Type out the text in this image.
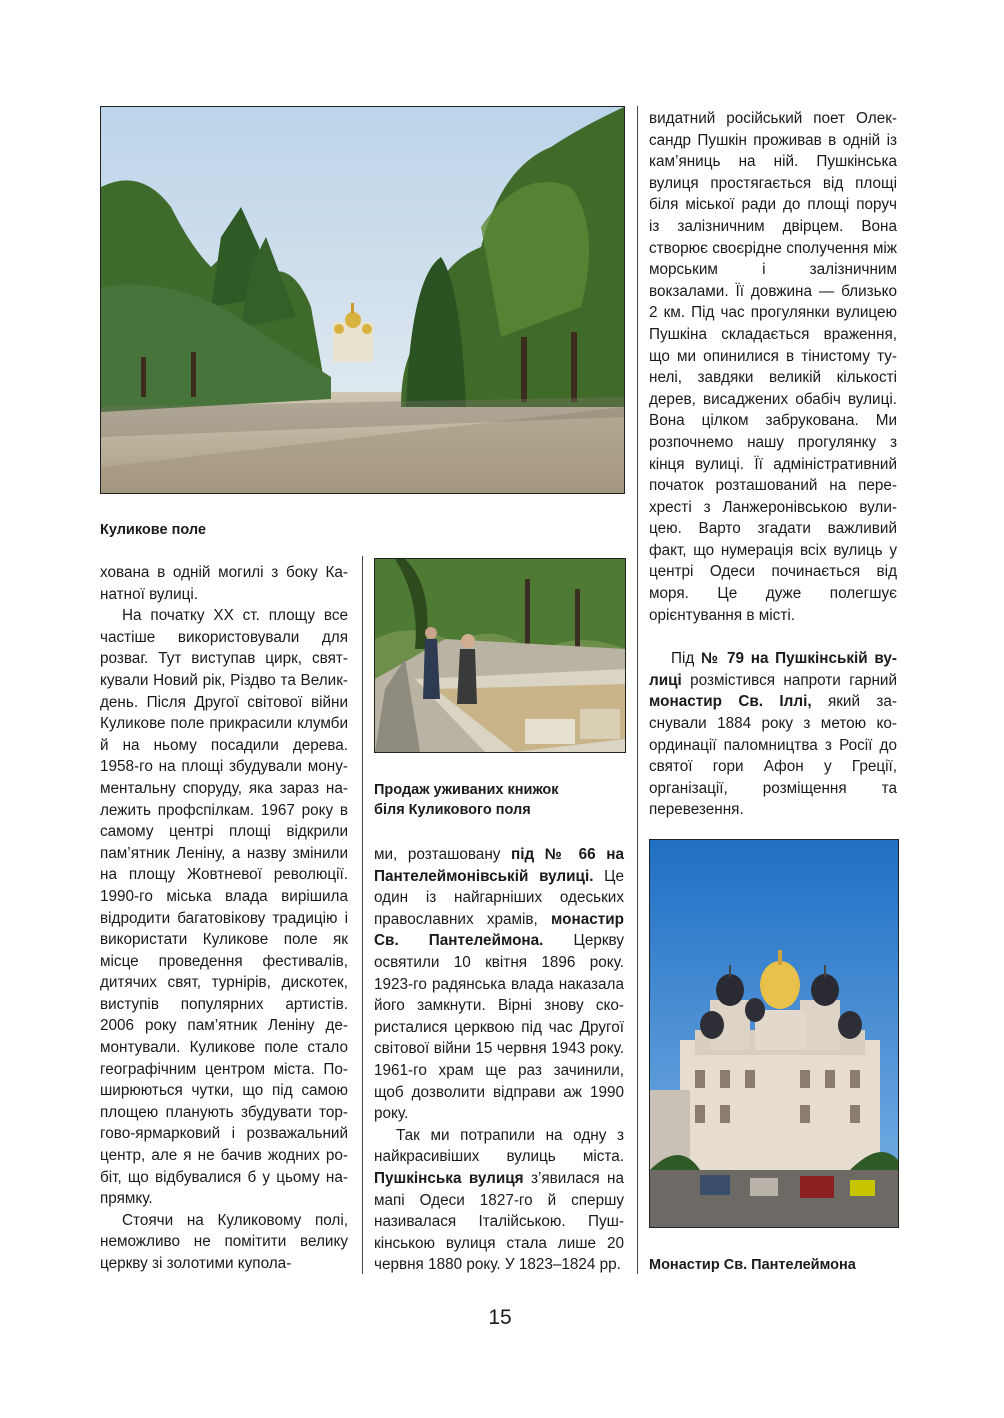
Куликове поле
Продаж уживаних книжок біля Куликового поля
Монастир Св. Пантелеймона

хована в одній могилі з боку Канатної вулиці.

На початку XX ст. площу все частіше використовували для розваг. Тут виступав цирк, святкували Новий рік, Різдво та Великдень. Після Другої світової війни Куликове поле прикрасили клумби й на ньому посадили дерева. 1958-го на площі збудували монументальну споруду, яка зараз належить профспілкам. 1967 року в самому центрі площі відкрили пам’ятник Леніну, а назву змінили на площу Жовтневої революції. 1990-го міська влада вирішила відродити багатовікову традицію і використати Куликове поле як місце проведення фестивалів, дитячих свят, турнірів, дискотек, виступів популярних артистів. 2006 року пам’ятник Леніну демонтували. Куликове поле стало географічним центром міста. Поширюються чутки, що під самою площею планують збудувати торгово-ярмарковий і розважальний центр, але я не бачив жодних робіт, що відбувалися б у цьому напрямку.

Стоячи на Куликовому полі, неможливо не помітити велику церкву зі золотими купола-

ми, розташовану під № 66 на Пантелеймонівській вулиці. Це один із найгарніших одеських православних храмів, монастир Св. Пантелеймона. Церкву освятили 10 квітня 1896 року. 1923-го радянська влада наказала його замкнути. Вірні знову скористалися церквою під час Другої світової війни 15 червня 1943 року. 1961-го храм ще раз зачинили, щоб дозволити відправи аж 1990 року.

Так ми потрапили на одну з найкрасивіших вулиць міста. Пушкінська вулиця з’явилася на мапі Одеси 1827-го й спершу називалася Італійською. Пушкінською вулиця стала лише 20 червня 1880 року. У 1823–1824 рр.

видатний російський поет Олександр Пушкін проживав в одній із кам’яниць на ній. Пушкінська вулиця простягається від площі біля міської ради до площі поруч із залізничним двірцем. Вона створює своєрідне сполучення між морським і залізничним вокзалами. Її довжина — близько 2 км. Під час прогулянки вулицею Пушкіна складається враження, що ми опинилися в тінистому тунелі, завдяки великій кількості дерев, висаджених обабіч вулиці. Вона цілком забрукована. Ми розпочнемо нашу прогулянку з кінця вулиці. Її адміністративний початок розташований на перехресті з Ланжеронівською вулицею. Варто згадати важливий факт, що нумерація всіх вулиць у центрі Одеси починається від моря. Це дуже полегшує орієнтування в місті.

Під № 79 на Пушкінській вулиці розмістився напроти гарний монастир Св. Іллі, який заснували 1884 року з метою координації паломництва з Росії до святої гори Афон у Греції, організації, розміщення та перевезення.

15
